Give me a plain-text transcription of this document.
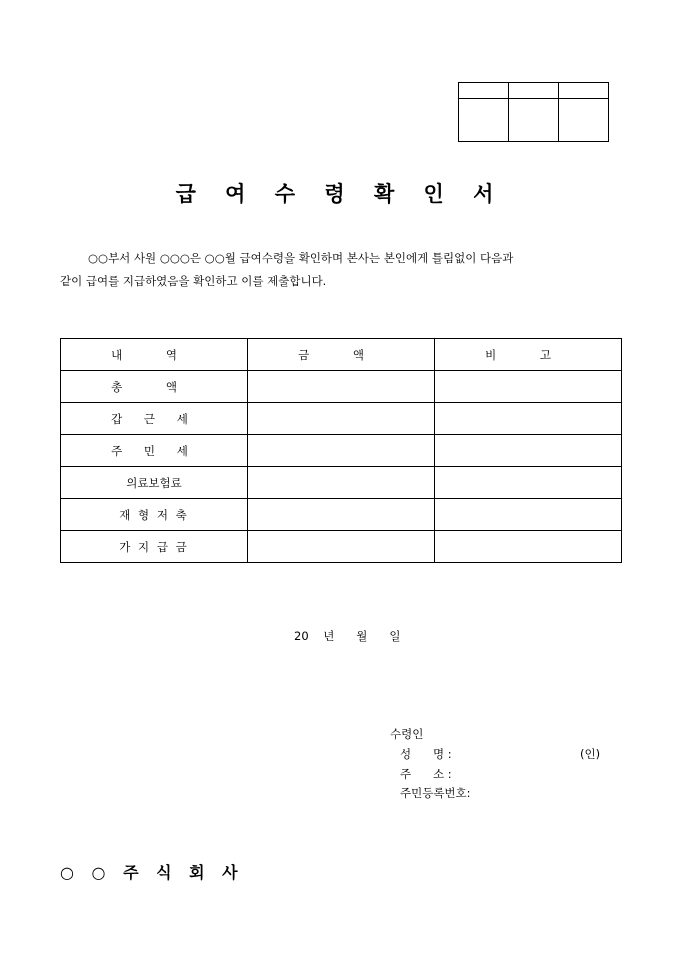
급 여 수 령 확 인 서
○○부서 사원 ○○○은 ○○월 급여수령을 확인하며 본사는 본인에게 틀림없이 다음과
같이 급여를 지급하였음을 확인하고 이를 제출합니다.
내 역	금 액	비 고
총 액		
갑 근 세		
주 민 세		
의료보험료		
재 형 저 축		
가 지 급 금		
20    년      월      일
수령인
성      명 :	(인)
주      소 :
주민등록번호:
○ ○ 주 식 회 사
